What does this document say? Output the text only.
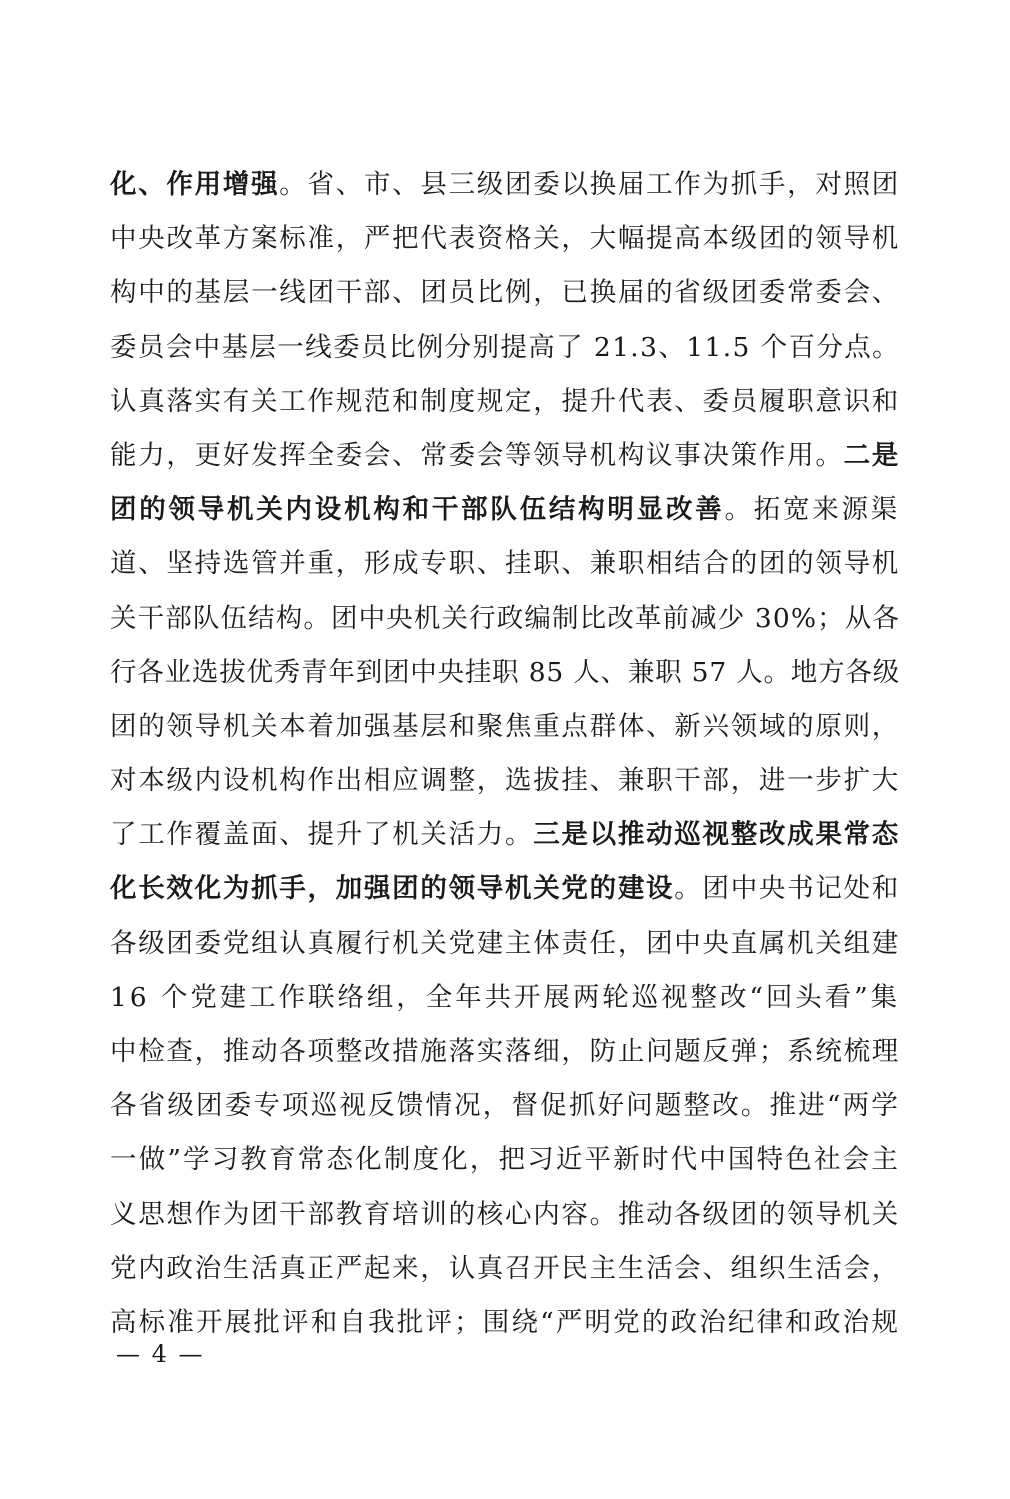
化、作用增强。省、市、县三级团委以换届工作为抓手，对照团
中央改革方案标准，严把代表资格关，大幅提高本级团的领导机
构中的基层一线团干部、团员比例，已换届的省级团委常委会、
委员会中基层一线委员比例分别提高了 21.3、11.5 个百分点。
认真落实有关工作规范和制度规定，提升代表、委员履职意识和
能力，更好发挥全委会、常委会等领导机构议事决策作用。二是
团的领导机关内设机构和干部队伍结构明显改善。拓宽来源渠
道、坚持选管并重，形成专职、挂职、兼职相结合的团的领导机
关干部队伍结构。团中央机关行政编制比改革前减少 30%；从各
行各业选拔优秀青年到团中央挂职 85 人、兼职 57 人。地方各级
团的领导机关本着加强基层和聚焦重点群体、新兴领域的原则，
对本级内设机构作出相应调整，选拔挂、兼职干部，进一步扩大
了工作覆盖面、提升了机关活力。三是以推动巡视整改成果常态
化长效化为抓手，加强团的领导机关党的建设。团中央书记处和
各级团委党组认真履行机关党建主体责任，团中央直属机关组建
16 个党建工作联络组，全年共开展两轮巡视整改“回头看”集
中检查，推动各项整改措施落实落细，防止问题反弹；系统梳理
各省级团委专项巡视反馈情况，督促抓好问题整改。推进“两学
一做”学习教育常态化制度化，把习近平新时代中国特色社会主
义思想作为团干部教育培训的核心内容。推动各级团的领导机关
党内政治生活真正严起来，认真召开民主生活会、组织生活会，
高标准开展批评和自我批评；围绕“严明党的政治纪律和政治规
— 4 —
